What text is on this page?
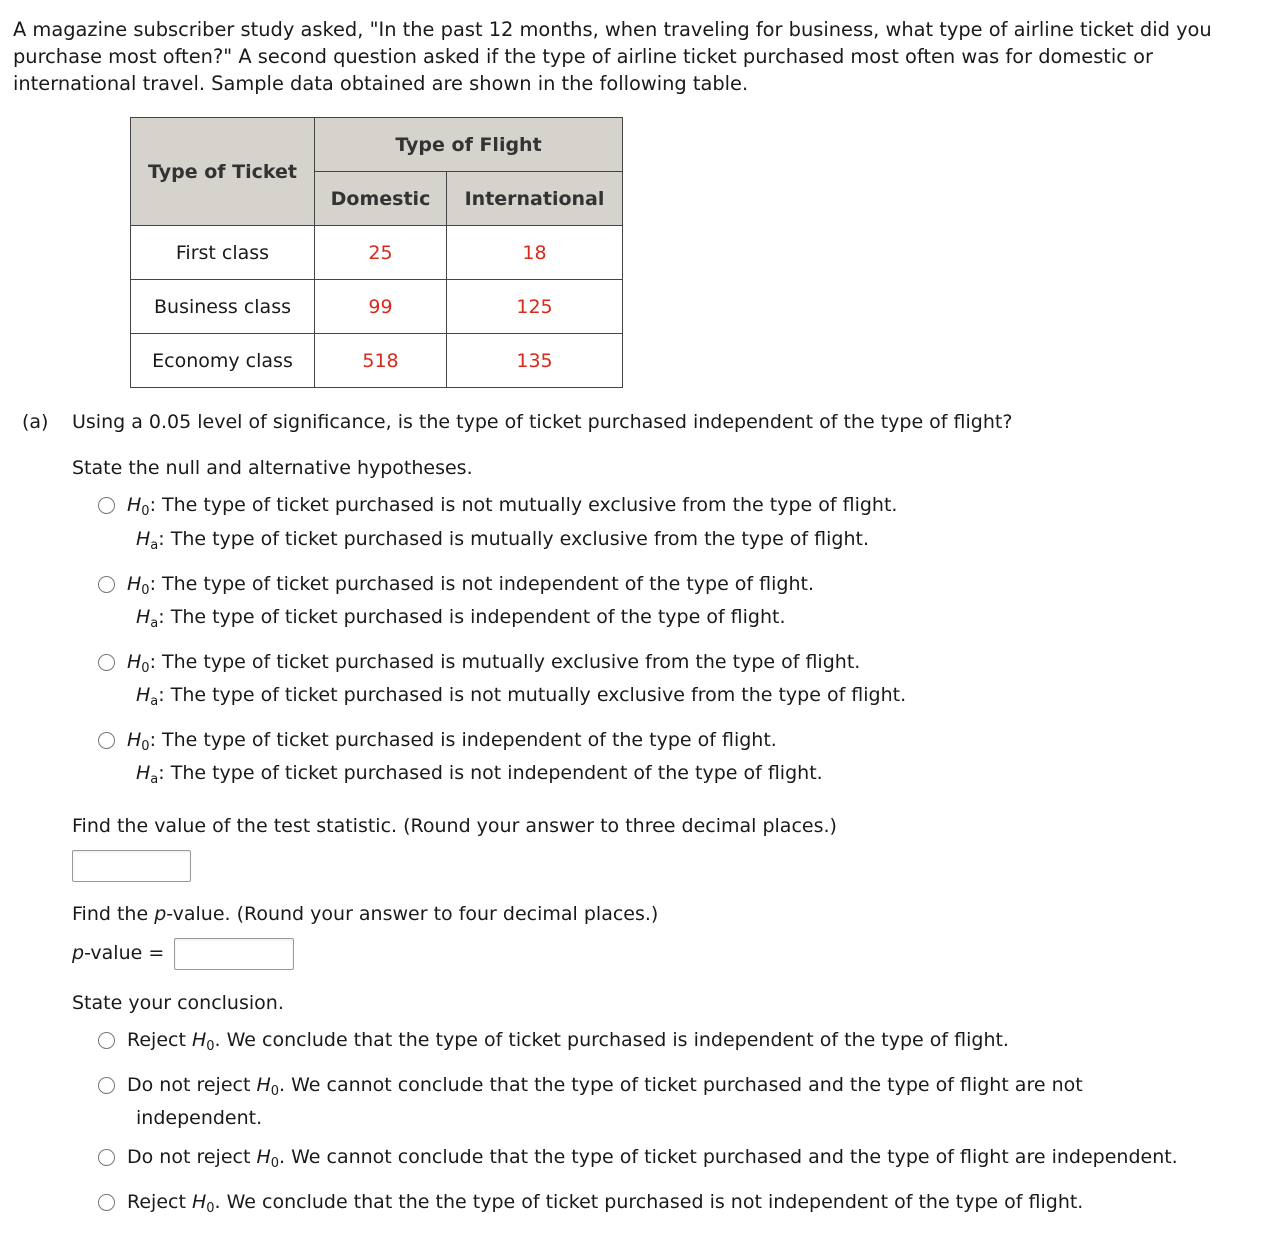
A magazine subscriber study asked, "In the past 12 months, when traveling for business, what type of airline ticket did you purchase most often?" A second question asked if the type of airline ticket purchased most often was for domestic or international travel. Sample data obtained are shown in the following table.
Type of Ticket	Type of Flight	
	Domestic	International
First class	25	18
Business class	99	125
Economy class	518	135
(a) Using a 0.05 level of significance, is the type of ticket purchased independent of the type of flight?
State the null and alternative hypotheses.
$H_0$: The type of ticket purchased is not mutually exclusive from the type of flight.
$H_a$: The type of ticket purchased is mutually exclusive from the type of flight.
$H_0$: The type of ticket purchased is not independent of the type of flight.
$H_a$: The type of ticket purchased is independent of the type of flight.
$H_0$: The type of ticket purchased is mutually exclusive from the type of flight.
$H_a$: The type of ticket purchased is not mutually exclusive from the type of flight.
$H_0$: The type of ticket purchased is independent of the type of flight.
$H_a$: The type of ticket purchased is not independent of the type of flight.
Find the value of the test statistic. (Round your answer to three decimal places.)
Find the p-value. (Round your answer to four decimal places.)
p-value =
State your conclusion.
Reject $H_0$. We conclude that the type of ticket purchased is independent of the type of flight.
Do not reject $H_0$. We cannot conclude that the type of ticket purchased and the type of flight are not
independent.
Do not reject $H_0$. We cannot conclude that the type of ticket purchased and the type of flight are independent.
Reject $H_0$. We conclude that the the type of ticket purchased is not independent of the type of flight.
